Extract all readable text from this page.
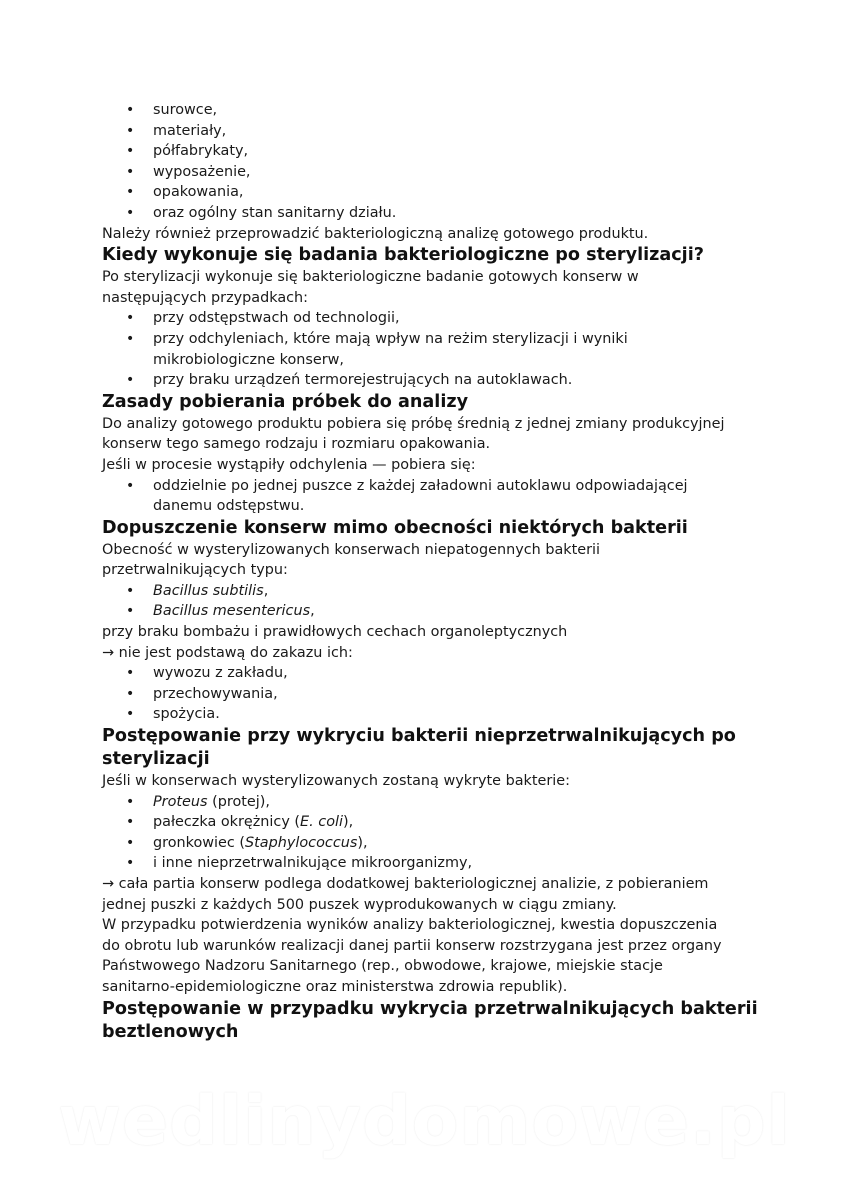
• surowce,
• materiały,
• półfabrykaty,
• wyposażenie,
• opakowania,
• oraz ogólny stan sanitarny działu.

Należy również przeprowadzić bakteriologiczną analizę gotowego produktu.

Kiedy wykonuje się badania bakteriologiczne po sterylizacji?

Po sterylizacji wykonuje się bakteriologiczne badanie gotowych konserw w

następujących przypadkach:

• przy odstępstwach od technologii,
• przy odchyleniach, które mają wpływ na reżim sterylizacji i wyniki
mikrobiologiczne konserw,
• przy braku urządzeń termorejestrujących na autoklawach.
Zasady pobierania próbek do analizy

Do analizy gotowego produktu pobiera się próbę średnią z jednej zmiany produkcyjnej

konserw tego samego rodzaju i rozmiaru opakowania.

Jeśli w procesie wystąpiły odchylenia — pobiera się:

• oddzielnie po jednej puszce z każdej załadowni autoklawu odpowiadającej
danemu odstępstwu.
Dopuszczenie konserw mimo obecności niektórych bakterii

Obecność w wysterylizowanych konserwach niepatogennych bakterii

przetrwalnikujących typu:

• Bacillus subtilis,
• Bacillus mesentericus,

przy braku bombażu i prawidłowych cechach organoleptycznych

→ nie jest podstawą do zakazu ich:

• wywozu z zakładu,
• przechowywania,
• spożycia.
Postępowanie przy wykryciu bakterii nieprzetrwalnikujących po
sterylizacji

Jeśli w konserwach wysterylizowanych zostaną wykryte bakterie:

• Proteus (protej),
• pałeczka okrężnicy (E. coli),
• gronkowiec (Staphylococcus),
• i inne nieprzetrwalnikujące mikroorganizmy,

→ cała partia konserw podlega dodatkowej bakteriologicznej analizie, z pobieraniem

jednej puszki z każdych 500 puszek wyprodukowanych w ciągu zmiany.

W przypadku potwierdzenia wyników analizy bakteriologicznej, kwestia dopuszczenia

do obrotu lub warunków realizacji danej partii konserw rozstrzygana jest przez organy

Państwowego Nadzoru Sanitarnego (rep., obwodowe, krajowe, miejskie stacje

sanitarno-epidemiologiczne oraz ministerstwa zdrowia republik).

Postępowanie w przypadku wykrycia przetrwalnikujących bakterii
beztlenowych
wedlinydomowe.pl
